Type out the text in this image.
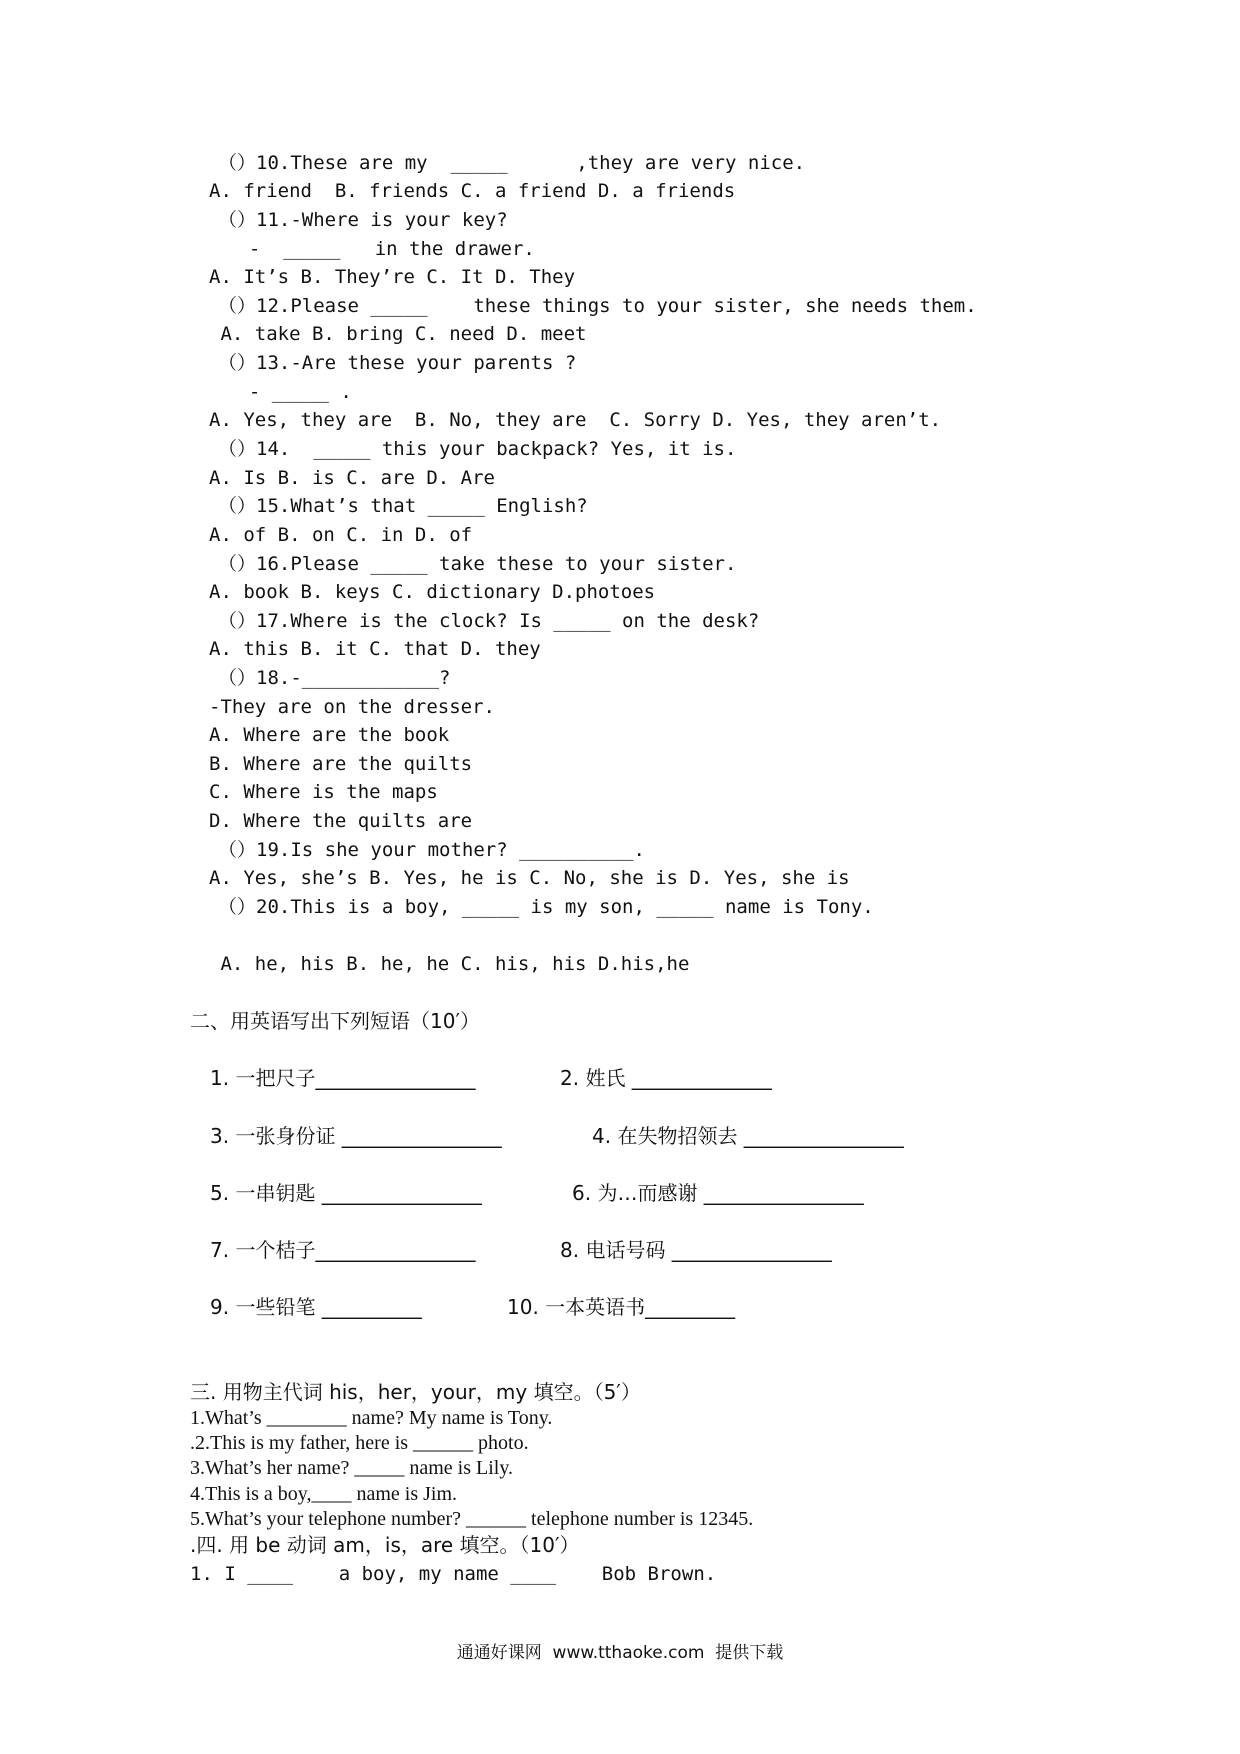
（）10.These are my  _____      ,they are very nice.
A. friend  B. friends C. a friend D. a friends
（）11.-Where is your key?
-  _____   in the drawer.
A. It’s B. They’re C. It D. They
（）12.Please _____    these things to your sister, she needs them.
A. take B. bring C. need D. meet
（）13.-Are these your parents ?
- _____ .
A. Yes, they are  B. No, they are  C. Sorry D. Yes, they aren’t.
（）14.  _____ this your backpack? Yes, it is.
A. Is B. is C. are D. Are
（）15.What’s that _____ English?
A. of B. on C. in D. of
（）16.Please _____ take these to your sister.
A. book B. keys C. dictionary D.photoes
（）17.Where is the clock? Is _____ on the desk?
A. this B. it C. that D. they
（）18.-____________?
-They are on the dresser.
A. Where are the book
B. Where are the quilts
C. Where is the maps
D. Where the quilts are
（）19.Is she your mother? __________.
A. Yes, she’s B. Yes, he is C. No, she is D. Yes, she is
（）20.This is a boy, _____ is my son, _____ name is Tony.
A. he, his B. he, he C. his, his D.his,he
二、用英语写出下列短语（10′）
1. 一把尺子________________	2. 姓氏 ______________
3. 一张身份证 ________________	4. 在失物招领去 ________________
5. 一串钥匙 ________________	6. 为…而感谢 ________________
7. 一个桔子________________	8. 电话号码 ________________
9. 一些铅笔 __________	10. 一本英语书_________
三. 用物主代词 his，her，your，my 填空。（5′）
1.What’s ________ name? My name is Tony.
.2.This is my father, here is ______ photo.
3.What’s her name? _____ name is Lily.
4.This is a boy,____ name is Jim.
5.What’s your telephone number? ______ telephone number is 12345.
.四. 用 be 动词 am，is，are 填空。（10′）
1. I ____    a boy, my name ____    Bob Brown.
通通好课网  www.tthaoke.com  提供下载
